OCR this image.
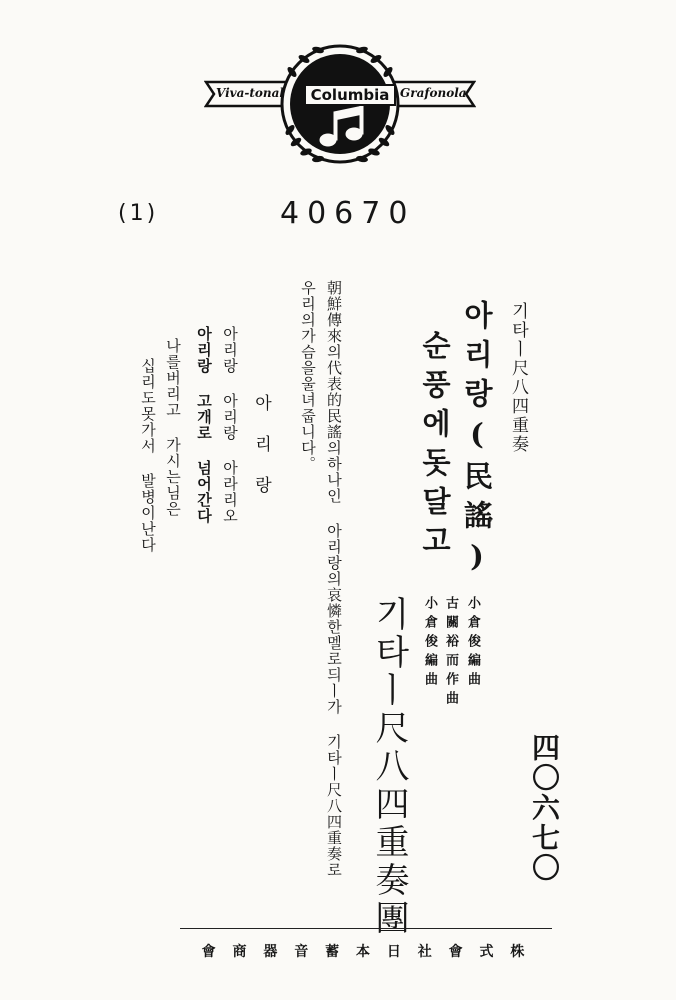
Viva-tonal	Columbia Grafonola
(1)	40670
기타ㅣ尺八四重奏
아리랑(民謠)
순풍에돗달고
小倉俊編曲
古關裕而作曲
小倉俊編曲
기타ㅣ尺八四重奏團
朝鮮傳來의代表的民謠의하나인 아리랑의哀憐한멜로듸ㅣ가 기타ㅣ尺八四重奏로
우리의가슴을울녀줍니다。
아리랑
아리랑 아리랑 아라리오
아리랑 고개로 넘어간다
나를버리고 가시는님은
십리도못가서 발병이난다
四〇六七〇
會 商 器 音 蓄 本 日 社 會 式 株
